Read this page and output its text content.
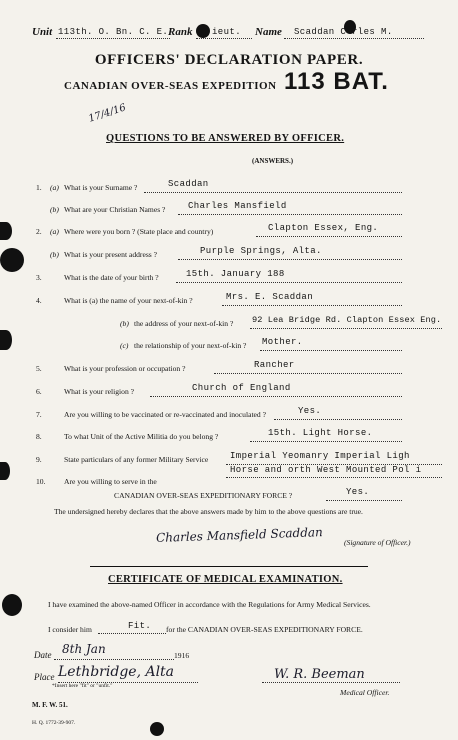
Unit 113th. O. Bn. C. E. Rank ieut. Name Scaddan C rles M.
OFFICERS' DECLARATION PAPER.
CANADIAN OVER-SEAS EXPEDITION 113 BAT.
17/4/16
QUESTIONS TO BE ANSWERED BY OFFICER.
(ANSWERS.)
1. (a) What is your Surname ?	Scaddan
(b) What are your Christian Names ?	Charles Mansfield
2. (a) Where were you born ? (State place and country)	Clapton Essex, Eng.
(b) What is your present address ?	Purple Springs, Alta.
3.	What is the date of your birth ?	15th. January 188
4.	What is (a) the name of your next-of-kin ?	Mrs. E. Scaddan
(b) the address of your next-of-kin ? 92 Lea Bridge Rd. Clapton Essex Eng.
(c) the relationship of your next-of-kin ? Mother.
5.	What is your profession or occupation ?	Rancher
6.	What is your religion ?	Church of England
7.	Are you willing to be vaccinated or re-vaccinated and inoculated ?	Yes.
8.	To what Unit of the Active Militia do you belong ?	15th. Light Horse.
9.	State particulars of any former Military Service Imperial Yeomanry Imperial Ligh
Horse and orth West Mounted Pol i
10. Are you willing to serve in the
CANADIAN OVER-SEAS EXPEDITIONARY FORCE ?	Yes.
The undersigned hereby declares that the above answers made by him to the above questions are true.
Charles Mansfield Scaddan	(Signature of Officer.)
CERTIFICATE OF MEDICAL EXAMINATION.
I have examined the above-named Officer in accordance with the Regulations for Army Medical Services.
I consider him	Fit. for the CANADIAN OVER-SEAS EXPEDITIONARY FORCE.
Date 8th Jan	1916
Place Lethbridge, Alta	W. R. Beeman
*Insert here "fit" or "unfit."
Medical Officer.
M. F. W. 51.
H. Q. 1772-39-907.
